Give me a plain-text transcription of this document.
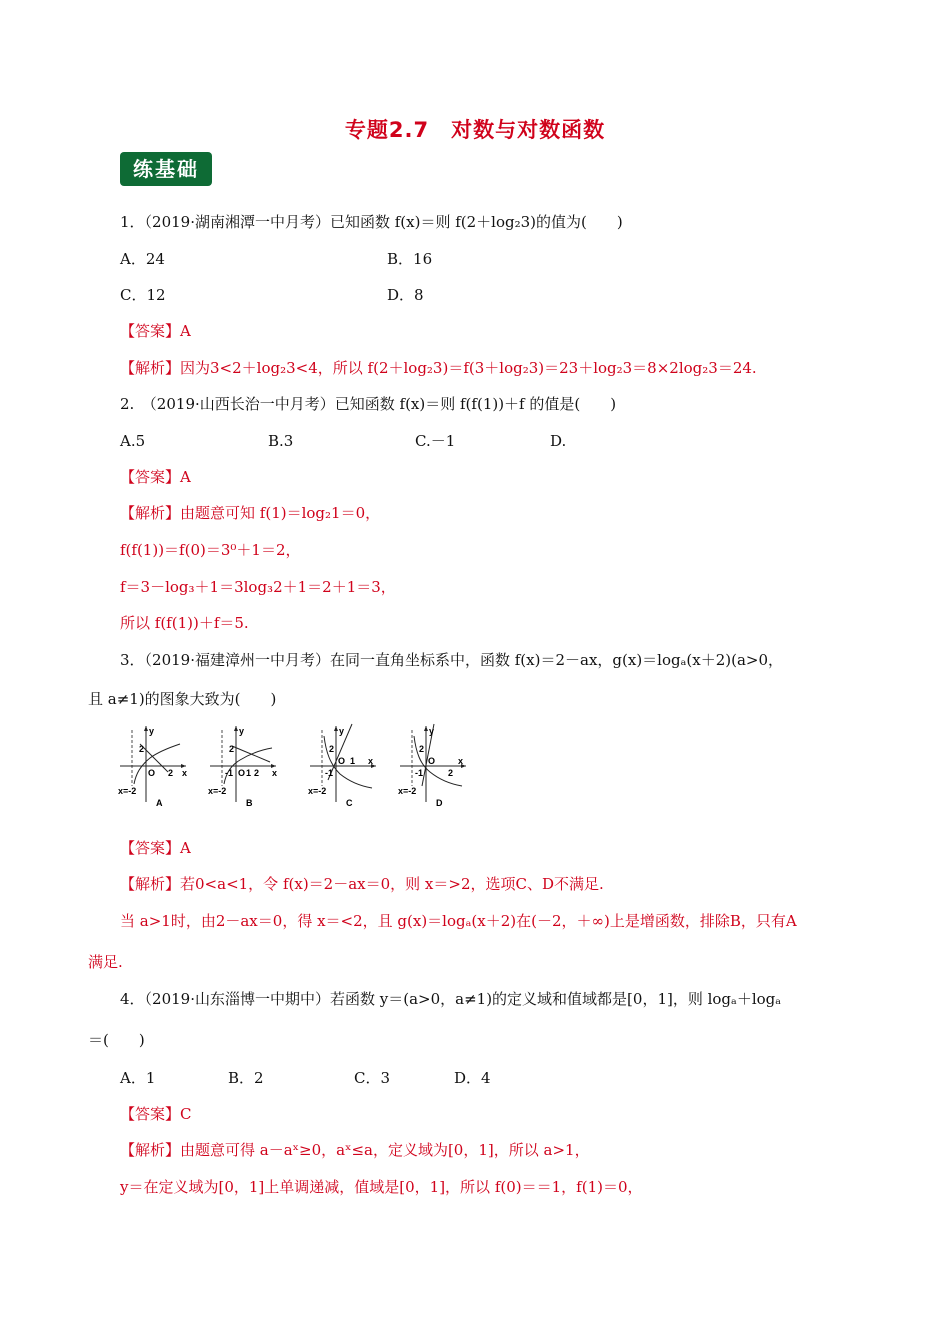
专题2.7　对数与对数函数
练基础
1．（2019·湖南湘潭一中月考）已知函数 f(x)＝则 f(2＋log₂3)的值为(　　)
A．24	B．16
C．12	D．8
【答案】A
【解析】因为3<2＋log₂3<4，所以 f(2＋log₂3)＝f(3＋log₂3)＝23＋log₂3＝8×2log₂3＝24.
2.　（2019·山西长治一中月考）已知函数 f(x)＝则 f(f(1))＋f 的值是(　　)
A.5	B.3	C.－1	D.
【答案】A
【解析】由题意可知 f(1)＝log₂1＝0，
f(f(1))＝f(0)＝3⁰＋1＝2，
f＝3－log₃＋1＝3log₃2＋1＝2＋1＝3，
所以 f(f(1))＋f＝5.
3．（2019·福建漳州一中月考）在同一直角坐标系中，函数 f(x)＝2－ax，g(x)＝logₐ(x＋2)(a>0，
且 a≠1)的图象大致为(　　)
y
x
2
O 2
x=-2
A
y
x
2
-1 O 1 2
x=-2
B
y
x
2
-1
O 1
x=-2
C
y
x
2
-1
O
2
x=-2
D
【答案】A
【解析】若0<a<1，令 f(x)＝2－ax＝0，则 x＝>2，选项C、D不满足.
当 a>1时，由2－ax＝0，得 x＝<2，且 g(x)＝logₐ(x＋2)在(－2，＋∞)上是增函数，排除B，只有A
满足.
4．（2019·山东淄博一中期中）若函数 y＝(a>0，a≠1)的定义域和值域都是[0，1]，则 logₐ＋logₐ
＝(　　)
A．1	B．2	C．3	D．4
【答案】C
【解析】由题意可得 a－aˣ≥0，aˣ≤a，定义域为[0，1]，所以 a>1，
y＝在定义域为[0，1]上单调递减，值域是[0，1]，所以 f(0)＝＝1，f(1)＝0，
